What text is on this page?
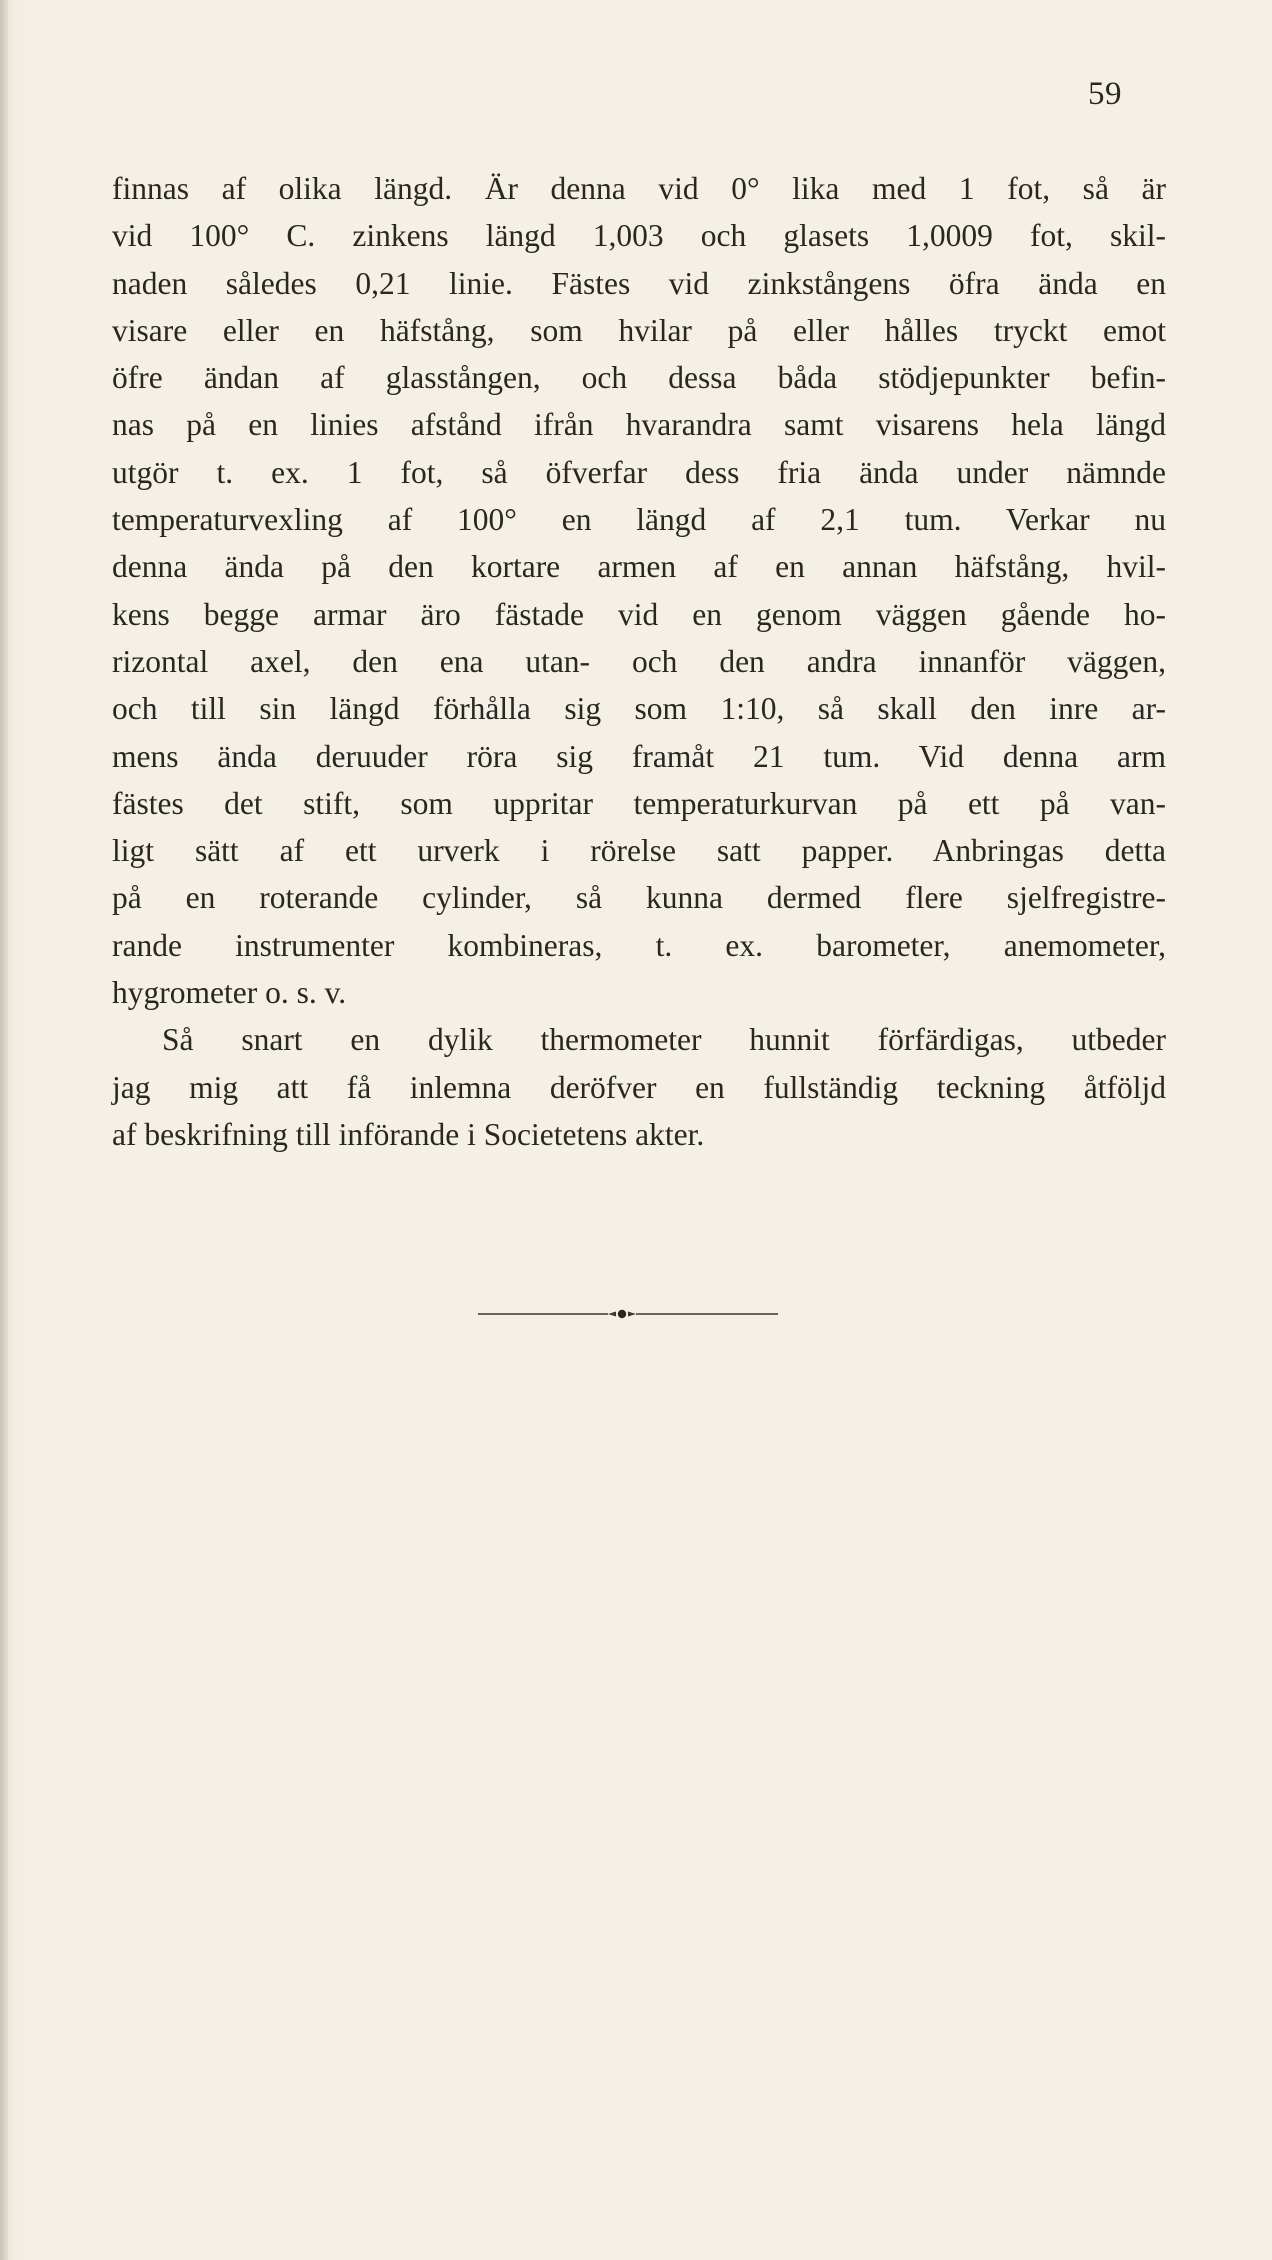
59
finnas af olika längd. Är denna vid 0° lika med 1 fot, så är
vid 100° C. zinkens längd 1,003 och glasets 1,0009 fot, skil-
naden således 0,21 linie. Fästes vid zinkstångens öfra ända en
visare eller en häfstång, som hvilar på eller hålles tryckt emot
öfre ändan af glasstången, och dessa båda stödjepunkter befin-
nas på en linies afstånd ifrån hvarandra samt visarens hela längd
utgör t. ex. 1 fot, så öfverfar dess fria ända under nämnde
temperaturvexling af 100° en längd af 2,1 tum. Verkar nu
denna ända på den kortare armen af en annan häfstång, hvil-
kens begge armar äro fästade vid en genom väggen gående ho-
rizontal axel, den ena utan- och den andra innanför väggen,
och till sin längd förhålla sig som 1:10, så skall den inre ar-
mens ända deruuder röra sig framåt 21 tum. Vid denna arm
fästes det stift, som uppritar temperaturkurvan på ett på van-
ligt sätt af ett urverk i rörelse satt papper. Anbringas detta
på en roterande cylinder, så kunna dermed flere sjelfregistre-
rande instrumenter kombineras, t. ex. barometer, anemometer,
hygrometer o. s. v.
Så snart en dylik thermometer hunnit förfärdigas, utbeder
jag mig att få inlemna deröfver en fullständig teckning åtföljd
af beskrifning till införande i Societetens akter.
